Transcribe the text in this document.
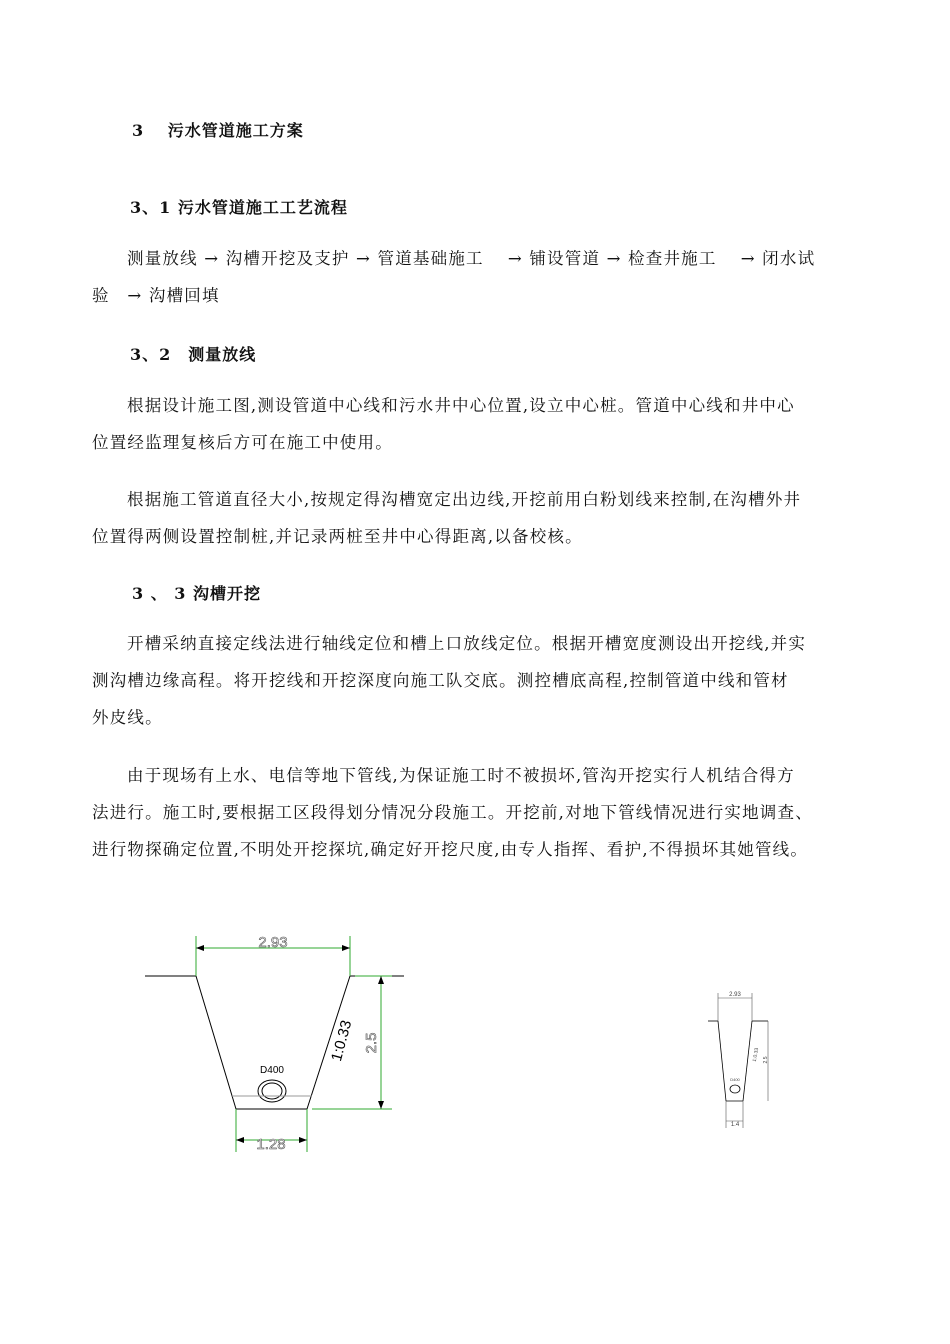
3　 污水管道施工方案
3、1 污水管道施工工艺流程
测量放线 → 沟槽开挖及支护 → 管道基础施工　 → 铺设管道 → 检查井施工　 → 闭水试
验　→ 沟槽回填
3、2　测量放线
根据设计施工图,测设管道中心线和污水井中心位置,设立中心桩。管道中心线和井中心
位置经监理复核后方可在施工中使用。
根据施工管道直径大小,按规定得沟槽宽定出边线,开挖前用白粉划线来控制,在沟槽外井
位置得两侧设置控制桩,并记录两桩至井中心得距离,以备校核。
3 、 3 沟槽开挖
开槽采纳直接定线法进行轴线定位和槽上口放线定位。根据开槽宽度测设出开挖线,并实
测沟槽边缘高程。将开挖线和开挖深度向施工队交底。测控槽底高程,控制管道中线和管材
外皮线。
由于现场有上水、电信等地下管线,为保证施工时不被损坏,管沟开挖实行人机结合得方
法进行。施工时,要根据工区段得划分情况分段施工。开挖前,对地下管线情况进行实地调查、
进行物探确定位置,不明处开挖探坑,确定好开挖尺度,由专人指挥、看护,不得损坏其她管线。
2.93
1.28
2.5
1:0.33
D400
2.93
1.4
2.5
1:0.33
D400
